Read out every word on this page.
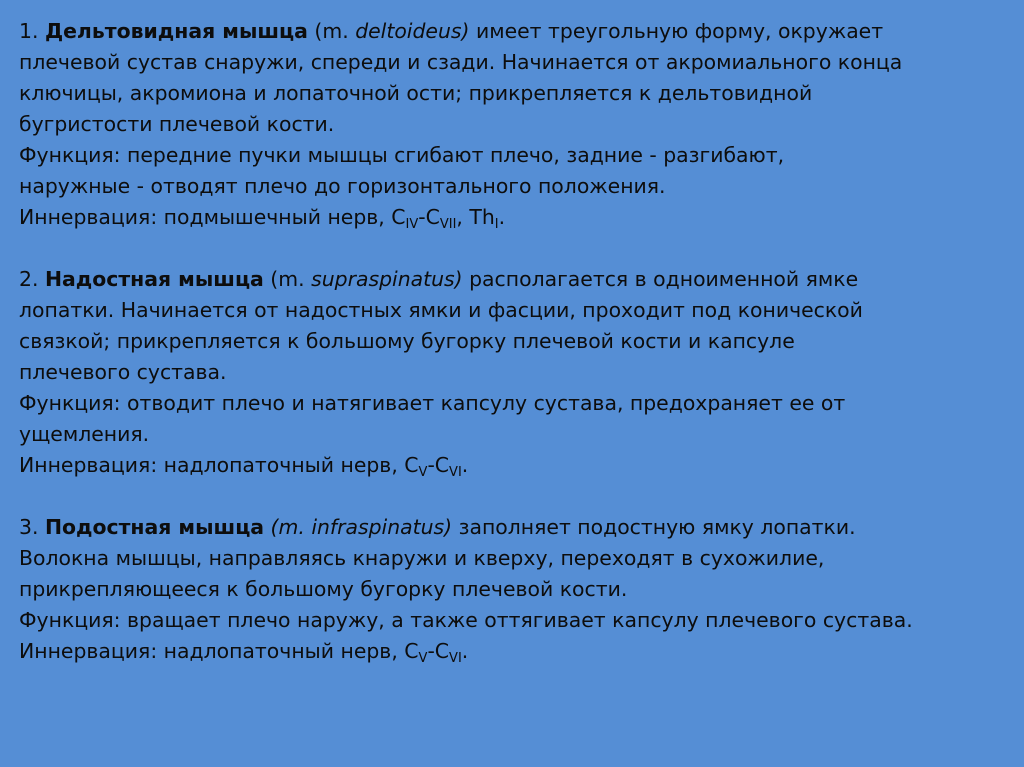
1. Дельтовидная мышца (m. deltoideus) имеет треугольную форму, окружает
плечевой сустав снаружи, спереди и сзади. Начинается от акромиального конца
ключицы, акромиона и лопаточной ости; прикрепляется к дельтовидной
бугристости плечевой кости.
Функция: передние пучки мышцы сгибают плечо, задние - разгибают,
наружные - отводят плечо до горизонтального положения.
Иннервация: подмышечный нерв, $C_{IV}-C_{VII}$, $Th_I$.
2. Надостная мышца (m. supraspinatus) располагается в одноименной ямке
лопатки. Начинается от надостных ямки и фасции, проходит под конической
связкой; прикрепляется к большому бугорку плечевой кости и капсуле
плечевого сустава.
Функция: отводит плечо и натягивает капсулу сустава, предохраняет ее от
ущемления.
Иннервация: надлопаточный нерв, $C_V-C_{VI}$.
3. Подостная мышца (m. infraspinatus) заполняет подостную ямку лопатки.
Волокна мышцы, направляясь кнаружи и кверху, переходят в сухожилие,
прикрепляющееся к большому бугорку плечевой кости.
Функция: вращает плечо наружу, а также оттягивает капсулу плечевого сустава.
Иннервация: надлопаточный нерв, $C_V-C_{VI}$.
